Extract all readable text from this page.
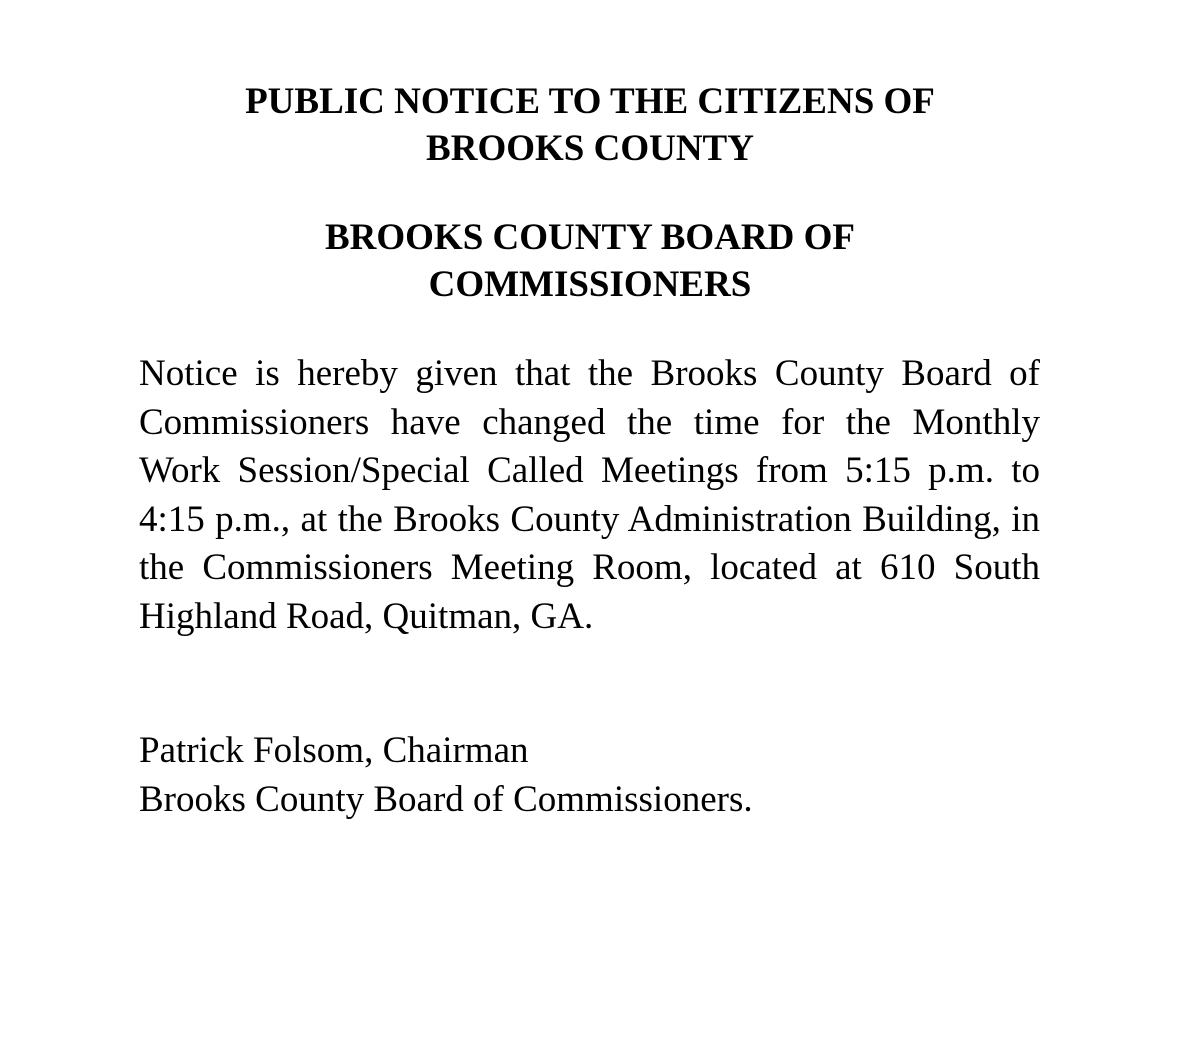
PUBLIC NOTICE TO THE CITIZENS OF
BROOKS COUNTY
BROOKS COUNTY BOARD OF
COMMISSIONERS

Notice is hereby given that the Brooks County Board of Commissioners have changed the time for the Monthly Work Session/Special Called Meetings from 5:15 p.m. to 4:15 p.m., at the Brooks County Administration Building, in the Commissioners Meeting Room, located at 610 South Highland Road, Quitman, GA.

Patrick Folsom, Chairman
Brooks County Board of Commissioners.
